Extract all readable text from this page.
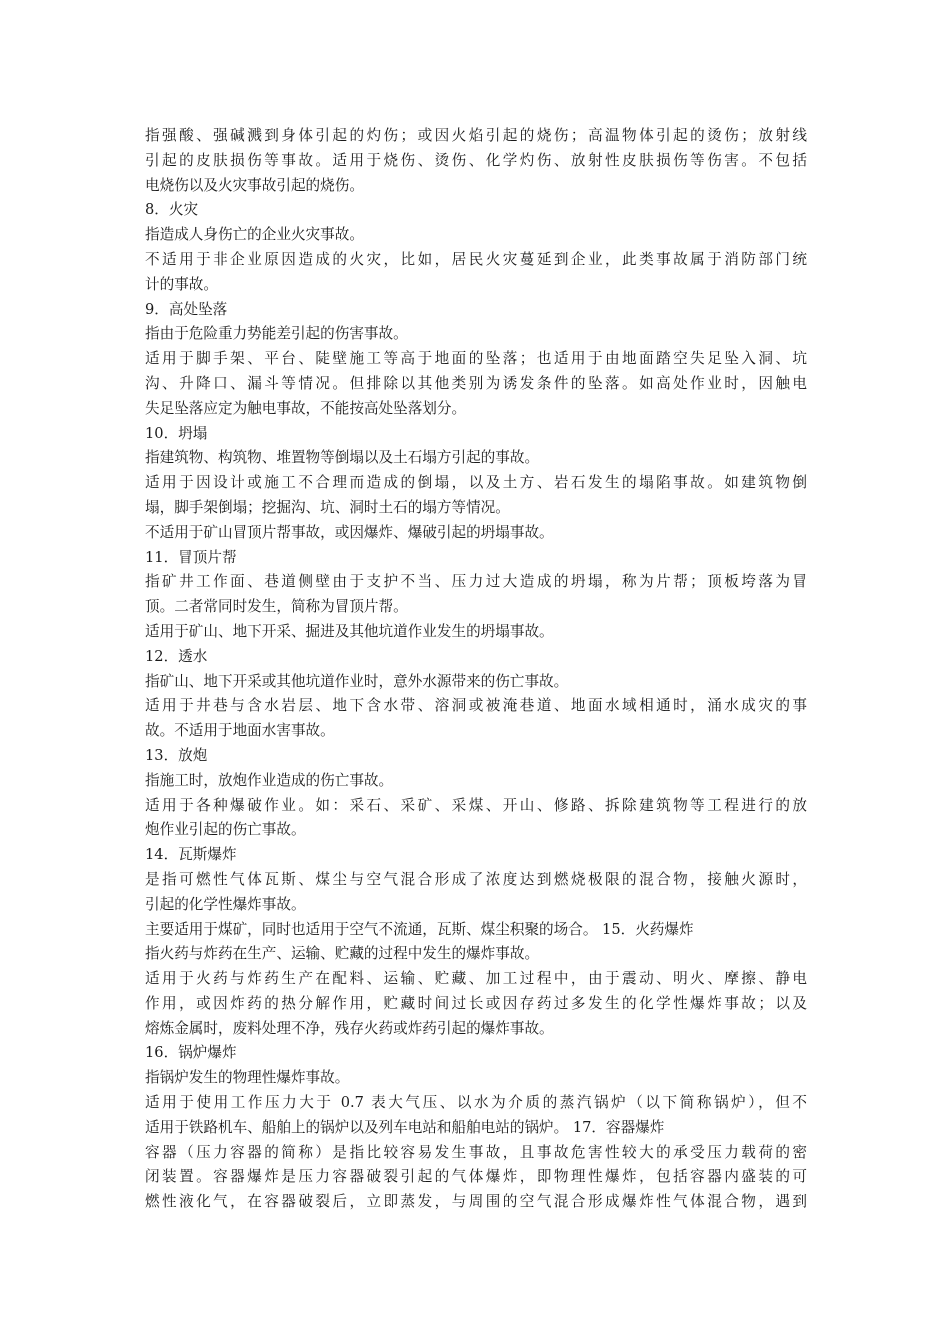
指强酸、强碱溅到身体引起的灼伤；或因火焰引起的烧伤；高温物体引起的烫伤；放射线
引起的皮肤损伤等事故。适用于烧伤、烫伤、化学灼伤、放射性皮肤损伤等伤害。不包括
电烧伤以及火灾事故引起的烧伤。
8．火灾
指造成人身伤亡的企业火灾事故。
不适用于非企业原因造成的火灾，比如，居民火灾蔓延到企业，此类事故属于消防部门统
计的事故。
9．高处坠落
指由于危险重力势能差引起的伤害事故。
适用于脚手架、平台、陡壁施工等高于地面的坠落；也适用于由地面踏空失足坠入洞、坑
沟、升降口、漏斗等情况。但排除以其他类别为诱发条件的坠落。如高处作业时，因触电
失足坠落应定为触电事故，不能按高处坠落划分。
10．坍塌
指建筑物、构筑物、堆置物等倒塌以及土石塌方引起的事故。
适用于因设计或施工不合理而造成的倒塌，以及土方、岩石发生的塌陷事故。如建筑物倒
塌，脚手架倒塌；挖掘沟、坑、洞时土石的塌方等情况。
不适用于矿山冒顶片帮事故，或因爆炸、爆破引起的坍塌事故。
11．冒顶片帮
指矿井工作面、巷道侧壁由于支护不当、压力过大造成的坍塌，称为片帮；顶板垮落为冒
顶。二者常同时发生，简称为冒顶片帮。
适用于矿山、地下开采、掘进及其他坑道作业发生的坍塌事故。
12．透水
指矿山、地下开采或其他坑道作业时，意外水源带来的伤亡事故。
适用于井巷与含水岩层、地下含水带、溶洞或被淹巷道、地面水域相通时，涌水成灾的事
故。不适用于地面水害事故。
13．放炮
指施工时，放炮作业造成的伤亡事故。
适用于各种爆破作业。如：采石、采矿、采煤、开山、修路、拆除建筑物等工程进行的放
炮作业引起的伤亡事故。
14．瓦斯爆炸
是指可燃性气体瓦斯、煤尘与空气混合形成了浓度达到燃烧极限的混合物，接触火源时，
引起的化学性爆炸事故。
主要适用于煤矿，同时也适用于空气不流通，瓦斯、煤尘积聚的场合。 15．火药爆炸
指火药与炸药在生产、运输、贮藏的过程中发生的爆炸事故。
适用于火药与炸药生产在配料、运输、贮藏、加工过程中，由于震动、明火、摩擦、静电
作用，或因炸药的热分解作用，贮藏时间过长或因存药过多发生的化学性爆炸事故；以及
熔炼金属时，废料处理不净，残存火药或炸药引起的爆炸事故。
16．锅炉爆炸
指锅炉发生的物理性爆炸事故。
适用于使用工作压力大于 0.7 表大气压、以水为介质的蒸汽锅炉（以下简称锅炉），但不
适用于铁路机车、船舶上的锅炉以及列车电站和船舶电站的锅炉。 17．容器爆炸
容器（压力容器的简称）是指比较容易发生事故，且事故危害性较大的承受压力载荷的密
闭装置。容器爆炸是压力容器破裂引起的气体爆炸，即物理性爆炸，包括容器内盛装的可
燃性液化气，在容器破裂后，立即蒸发，与周围的空气混合形成爆炸性气体混合物，遇到
